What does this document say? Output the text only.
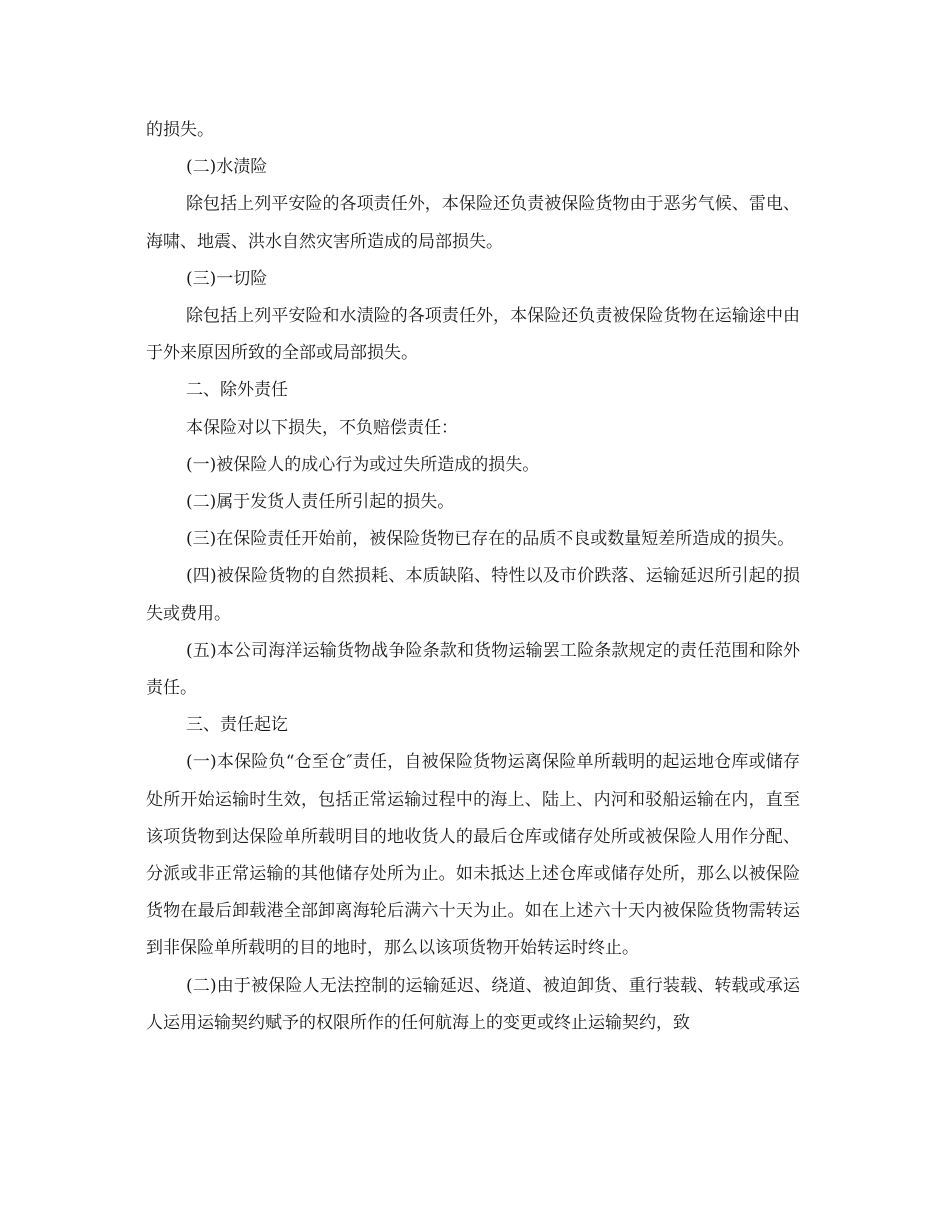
的损失。

(二)水渍险

除包括上列平安险的各项责任外，本保险还负责被保险货物由于恶劣气候、雷电、海啸、地震、洪水自然灾害所造成的局部损失。

(三)一切险

除包括上列平安险和水渍险的各项责任外，本保险还负责被保险货物在运输途中由于外来原因所致的全部或局部损失。

二、除外责任

本保险对以下损失，不负赔偿责任：

(一)被保险人的成心行为或过失所造成的损失。

(二)属于发货人责任所引起的损失。

(三)在保险责任开始前，被保险货物已存在的品质不良或数量短差所造成的损失。

(四)被保险货物的自然损耗、本质缺陷、特性以及市价跌落、运输延迟所引起的损失或费用。

(五)本公司海洋运输货物战争险条款和货物运输罢工险条款规定的责任范围和除外责任。

三、责任起讫

(一)本保险负“仓至仓″责任，自被保险货物运离保险单所载明的起运地仓库或储存处所开始运输时生效，包括正常运输过程中的海上、陆上、内河和驳船运输在内，直至该项货物到达保险单所载明目的地收货人的最后仓库或储存处所或被保险人用作分配、分派或非正常运输的其他储存处所为止。如未抵达上述仓库或储存处所，那么以被保险货物在最后卸载港全部卸离海轮后满六十天为止。如在上述六十天内被保险货物需转运到非保险单所载明的目的地时，那么以该项货物开始转运时终止。

(二)由于被保险人无法控制的运输延迟、绕道、被迫卸货、重行装载、转载或承运人运用运输契约赋予的权限所作的任何航海上的变更或终止运输契约，致
